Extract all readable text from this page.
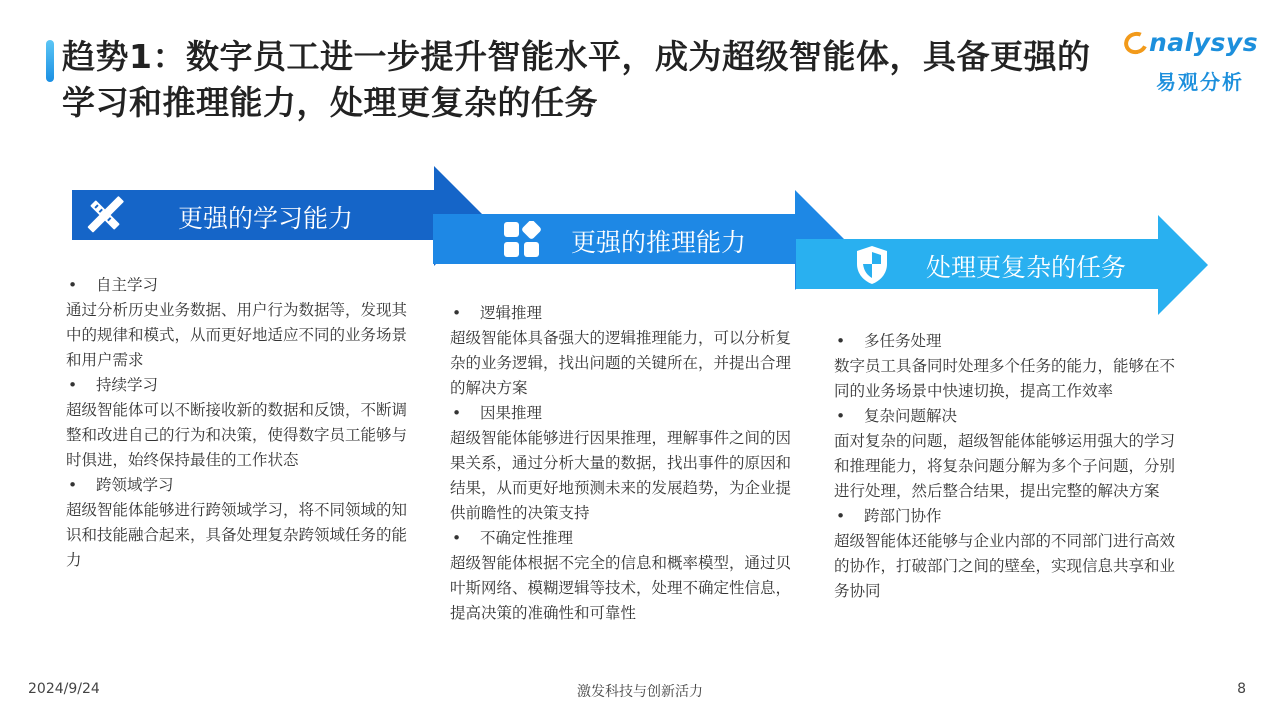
趋势1：数字员工进一步提升智能水平，成为超级智能体，具备更强的学习和推理能力，处理更复杂的任务
nalysys
易观分析
更强的学习能力
更强的推理能力
处理更复杂的任务
•	自主学习
通过分析历史业务数据、用户行为数据等，发现其中的规律和模式，从而更好地适应不同的业务场景和用户需求
•	持续学习
超级智能体可以不断接收新的数据和反馈，不断调整和改进自己的行为和决策，使得数字员工能够与时俱进，始终保持最佳的工作状态
•	跨领域学习
超级智能体能够进行跨领域学习，将不同领域的知识和技能融合起来，具备处理复杂跨领域任务的能力
•	逻辑推理
超级智能体具备强大的逻辑推理能力，可以分析复杂的业务逻辑，找出问题的关键所在，并提出合理的解决方案
•	因果推理
超级智能体能够进行因果推理，理解事件之间的因果关系，通过分析大量的数据，找出事件的原因和结果，从而更好地预测未来的发展趋势，为企业提供前瞻性的决策支持
•	不确定性推理
超级智能体根据不完全的信息和概率模型，通过贝叶斯网络、模糊逻辑等技术，处理不确定性信息，提高决策的准确性和可靠性
•	多任务处理
数字员工具备同时处理多个任务的能力，能够在不同的业务场景中快速切换，提高工作效率
•	复杂问题解决
面对复杂的问题，超级智能体能够运用强大的学习和推理能力，将复杂问题分解为多个子问题，分别进行处理，然后整合结果，提出完整的解决方案
•	跨部门协作
超级智能体还能够与企业内部的不同部门进行高效的协作，打破部门之间的壁垒，实现信息共享和业务协同
2024/9/24	激发科技与创新活力	8
